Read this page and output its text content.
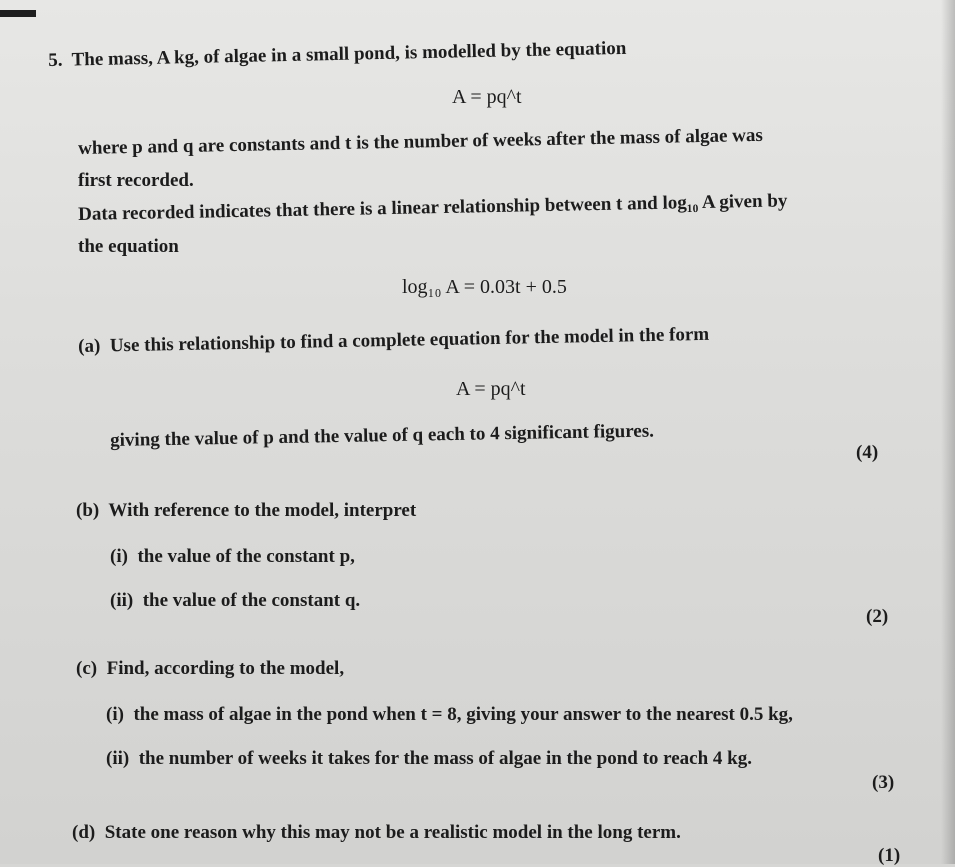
5. The mass, A kg, of algae in a small pond, is modelled by the equation
A = pq^t
where p and q are constants and t is the number of weeks after the mass of algae was
first recorded.
Data recorded indicates that there is a linear relationship between t and log₁₀ A given by
the equation
log₁₀ A = 0.03t + 0.5
(a) Use this relationship to find a complete equation for the model in the form
A = pq^t
giving the value of p and the value of q each to 4 significant figures.
(4)
(b) With reference to the model, interpret
(i) the value of the constant p,
(ii) the value of the constant q.
(2)
(c) Find, according to the model,
(i) the mass of algae in the pond when t = 8, giving your answer to the nearest 0.5 kg,
(ii) the number of weeks it takes for the mass of algae in the pond to reach 4 kg.
(3)
(d) State one reason why this may not be a realistic model in the long term.
(1)
